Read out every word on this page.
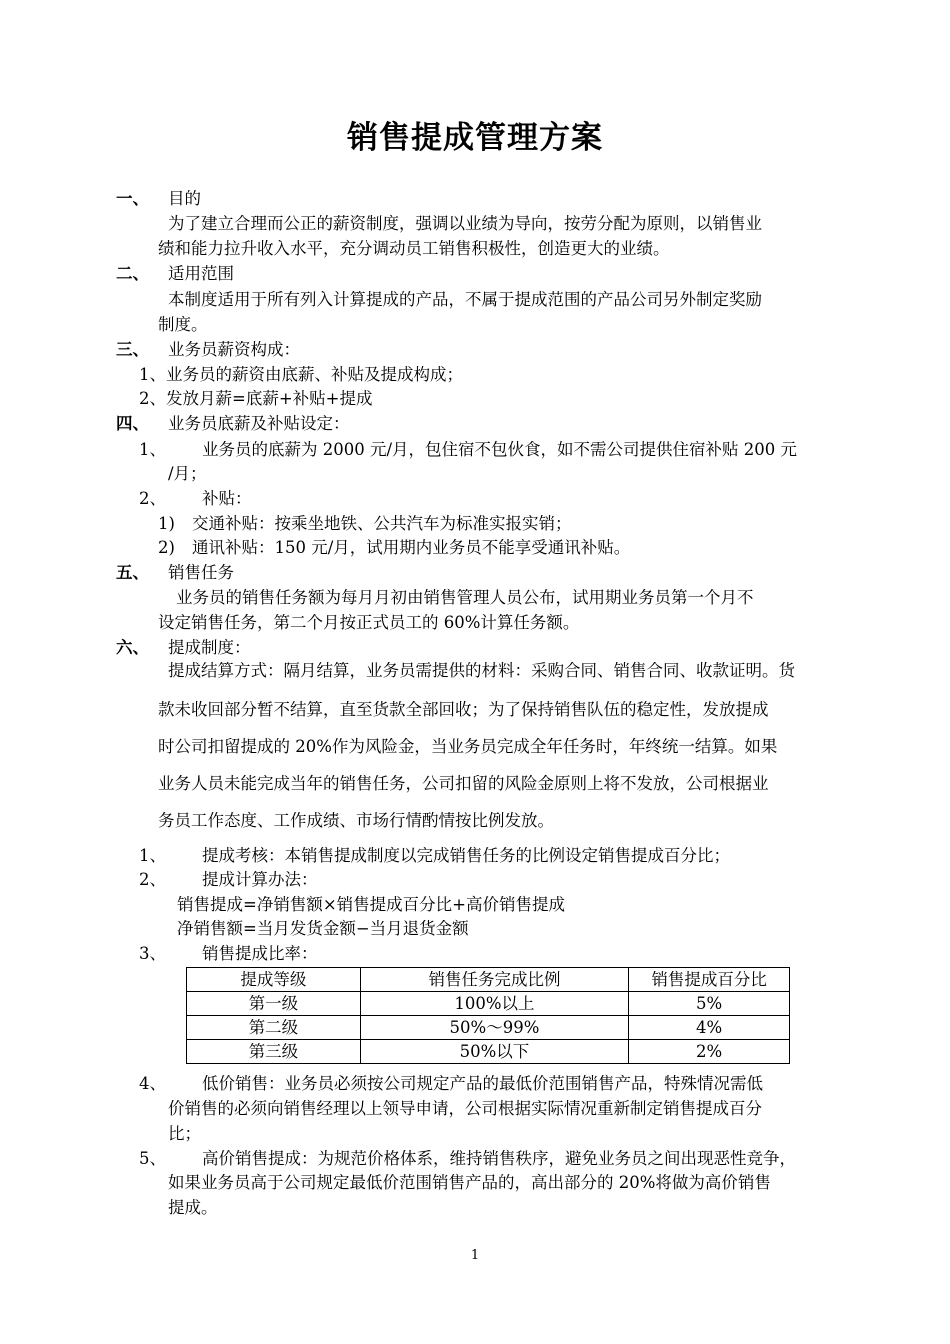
销售提成管理方案
一、 目的
为了建立合理而公正的薪资制度，强调以业绩为导向，按劳分配为原则，以销售业
绩和能力拉升收入水平，充分调动员工销售积极性，创造更大的业绩。
二、 适用范围
本制度适用于所有列入计算提成的产品，不属于提成范围的产品公司另外制定奖励
制度。
三、 业务员薪资构成：
1、业务员的薪资由底薪、补贴及提成构成；
2、发放月薪=底薪+补贴+提成
四、 业务员底薪及补贴设定：
1、 业务员的底薪为 2000 元/月，包住宿不包伙食，如不需公司提供住宿补贴 200 元
/月；
2、 补贴：
1) 交通补贴：按乘坐地铁、公共汽车为标准实报实销；
2) 通讯补贴：150 元/月，试用期内业务员不能享受通讯补贴。
五、 销售任务
业务员的销售任务额为每月月初由销售管理人员公布，试用期业务员第一个月不
设定销售任务，第二个月按正式员工的 60%计算任务额。
六、 提成制度：
提成结算方式：隔月结算，业务员需提供的材料：采购合同、销售合同、收款证明。货
款未收回部分暂不结算，直至货款全部回收；为了保持销售队伍的稳定性，发放提成
时公司扣留提成的 20%作为风险金，当业务员完成全年任务时，年终统一结算。如果
业务人员未能完成当年的销售任务，公司扣留的风险金原则上将不发放，公司根据业
务员工作态度、工作成绩、市场行情酌情按比例发放。
1、 提成考核：本销售提成制度以完成销售任务的比例设定销售提成百分比；
2、 提成计算办法：
销售提成=净销售额×销售提成百分比+高价销售提成
净销售额=当月发货金额−当月退货金额
3、 销售提成比率：
提成等级	销售任务完成比例	销售提成百分比
第一级	100%以上	5%
第二级	50%～99%	4%
第三级	50%以下	2%
4、 低价销售：业务员必须按公司规定产品的最低价范围销售产品，特殊情况需低
价销售的必须向销售经理以上领导申请，公司根据实际情况重新制定销售提成百分
比；
5、 高价销售提成：为规范价格体系，维持销售秩序，避免业务员之间出现恶性竞争，
如果业务员高于公司规定最低价范围销售产品的，高出部分的 20%将做为高价销售
提成。
1
